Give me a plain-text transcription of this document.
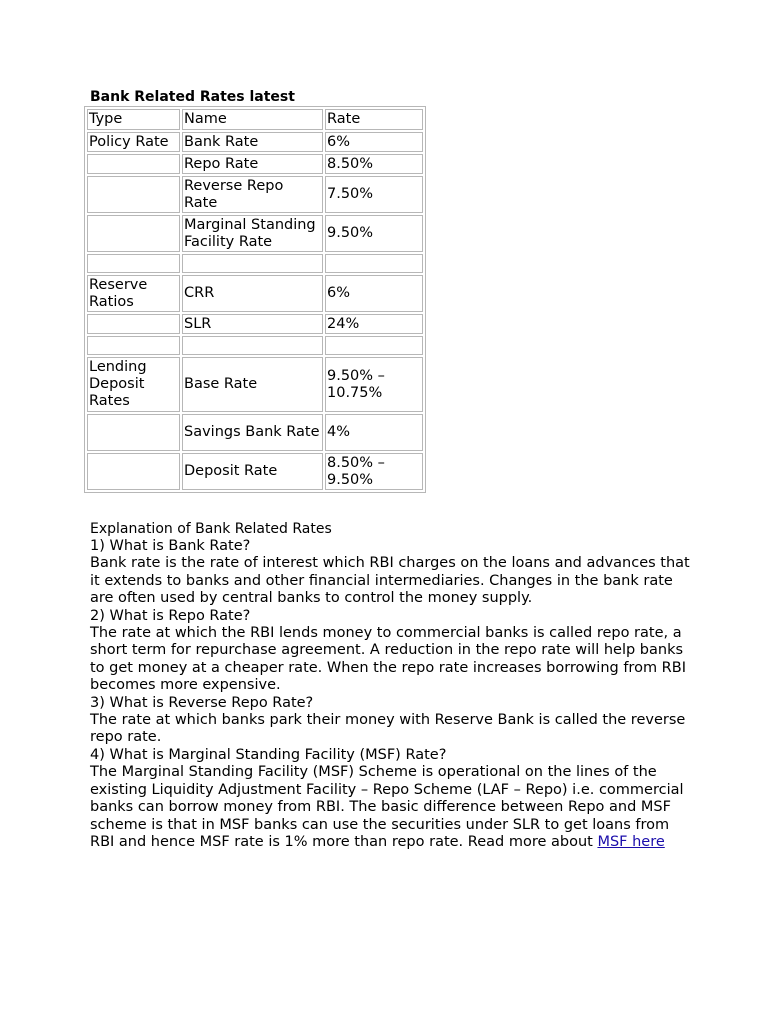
Bank Related Rates latest

Type	Name	Rate
Policy Rate	Bank Rate	6%
	Repo Rate	8.50%
	Reverse Repo Rate	7.50%
	Marginal Standing Facility Rate	9.50%

Reserve Ratios	CRR	6%
	SLR	24%

Lending Deposit Rates	Base Rate	9.50% – 10.75%
	Savings Bank Rate	4%
	Deposit Rate	8.50% – 9.50%

Explanation of Bank Related Rates

1) What is Bank Rate?

Bank rate is the rate of interest which RBI charges on the loans and advances that it extends to banks and other financial intermediaries. Changes in the bank rate are often used by central banks to control the money supply.

2) What is Repo Rate?

The rate at which the RBI lends money to commercial banks is called repo rate, a short term for repurchase agreement. A reduction in the repo rate will help banks to get money at a cheaper rate. When the repo rate increases borrowing from RBI becomes more expensive.

3) What is Reverse Repo Rate?

The rate at which banks park their money with Reserve Bank is called the reverse repo rate.

4) What is Marginal Standing Facility (MSF) Rate?

The Marginal Standing Facility (MSF) Scheme is operational on the lines of the existing Liquidity Adjustment Facility – Repo Scheme (LAF – Repo) i.e. commercial banks can borrow money from RBI. The basic difference between Repo and MSF scheme is that in MSF banks can use the securities under SLR to get loans from RBI and hence MSF rate is 1% more than repo rate. Read more about MSF here
